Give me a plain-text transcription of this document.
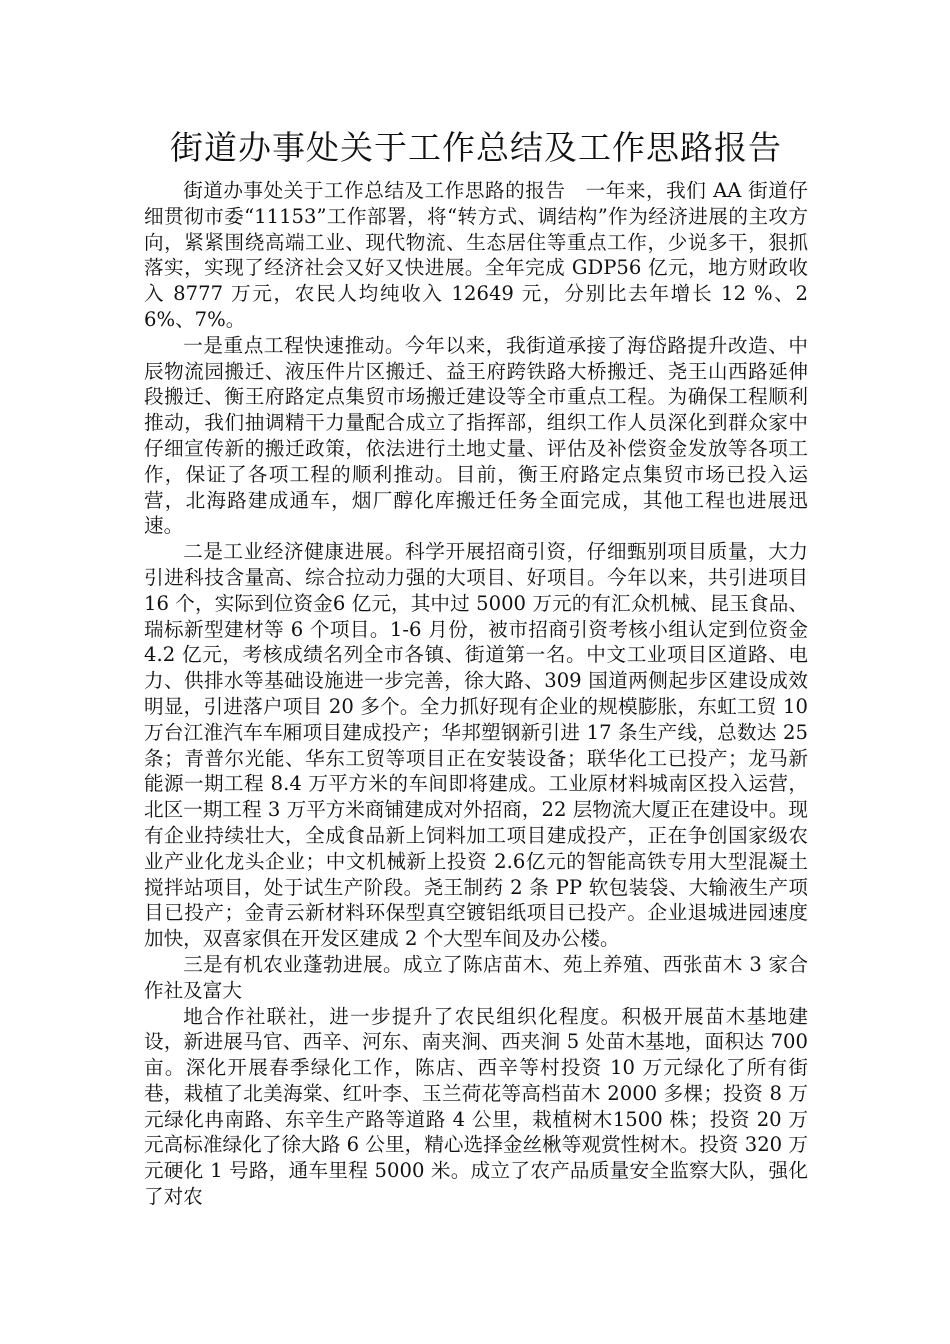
街道办事处关于工作总结及工作思路报告

街道办事处关于工作总结及工作思路的报告　一年来，我们 AA 街道仔细贯彻市委“11153”工作部署，将“转方式、调结构”作为经济进展的主攻方向，紧紧围绕高端工业、现代物流、生态居住等重点工作，少说多干，狠抓落实，实现了经济社会又好又快进展。全年完成 GDP56 亿元，地方财政收入 8777 万元，农民人均纯收入 12649 元，分别比去年增长 12 %、26%、7%。

一是重点工程快速推动。今年以来，我街道承接了海岱路提升改造、中辰物流园搬迁、液压件片区搬迁、益王府跨铁路大桥搬迁、尧王山西路延伸段搬迁、衡王府路定点集贸市场搬迁建设等全市重点工程。为确保工程顺利推动，我们抽调精干力量配合成立了指挥部，组织工作人员深化到群众家中仔细宣传新的搬迁政策，依法进行土地丈量、评估及补偿资金发放等各项工作，保证了各项工程的顺利推动。目前，衡王府路定点集贸市场已投入运营，北海路建成通车，烟厂醇化库搬迁任务全面完成，其他工程也进展迅速。

二是工业经济健康进展。科学开展招商引资，仔细甄别项目质量，大力引进科技含量高、综合拉动力强的大项目、好项目。今年以来，共引进项目 16 个，实际到位资金6 亿元，其中过 5000 万元的有汇众机械、昆玉食品、瑞标新型建材等 6 个项目。1-6 月份，被市招商引资考核小组认定到位资金 4.2 亿元，考核成绩名列全市各镇、街道第一名。中文工业项目区道路、电力、供排水等基础设施进一步完善，徐大路、309 国道两侧起步区建设成效明显，引进落户项目 20 多个。全力抓好现有企业的规模膨胀，东虹工贸 10 万台江淮汽车车厢项目建成投产；华邦塑钢新引进 17 条生产线，总数达 25条；青普尔光能、华东工贸等项目正在安装设备；联华化工已投产；龙马新能源一期工程 8.4 万平方米的车间即将建成。工业原材料城南区投入运营，北区一期工程 3 万平方米商铺建成对外招商，22 层物流大厦正在建设中。现有企业持续壮大，全成食品新上饲料加工项目建成投产，正在争创国家级农业产业化龙头企业；中文机械新上投资 2.6亿元的智能高铁专用大型混凝土搅拌站项目，处于试生产阶段。尧王制药 2 条 PP 软包装袋、大输液生产项目已投产；金青云新材料环保型真空镀铝纸项目已投产。企业退城进园速度加快，双喜家俱在开发区建成 2 个大型车间及办公楼。

三是有机农业蓬勃进展。成立了陈店苗木、苑上养殖、西张苗木 3 家合作社及富大

地合作社联社，进一步提升了农民组织化程度。积极开展苗木基地建设，新进展马官、西辛、河东、南夹涧、西夹涧 5 处苗木基地，面积达 700 亩。深化开展春季绿化工作，陈店、西辛等村投资 10 万元绿化了所有街巷，栽植了北美海棠、红叶李、玉兰荷花等高档苗木 2000 多棵；投资 8 万元绿化冉南路、东辛生产路等道路 4 公里，栽植树木1500 株；投资 20 万元高标准绿化了徐大路 6 公里，精心选择金丝楸等观赏性树木。投资 320 万元硬化 1 号路，通车里程 5000 米。成立了农产品质量安全监察大队，强化了对农
